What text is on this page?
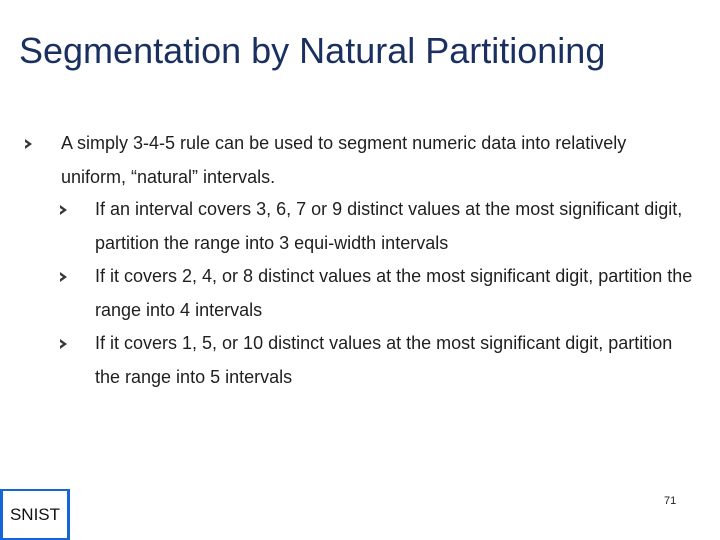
Segmentation by Natural Partitioning
A simply 3-4-5 rule can be used to segment numeric data into relatively uniform, “natural” intervals.
If an interval covers 3, 6, 7 or 9 distinct values at the most significant digit, partition the range into 3 equi-width intervals
If it covers 2, 4, or 8 distinct values at the most significant digit, partition the range into 4 intervals
If it covers 1, 5, or 10 distinct values at the most significant digit, partition the range into 5 intervals
SNIST
71
